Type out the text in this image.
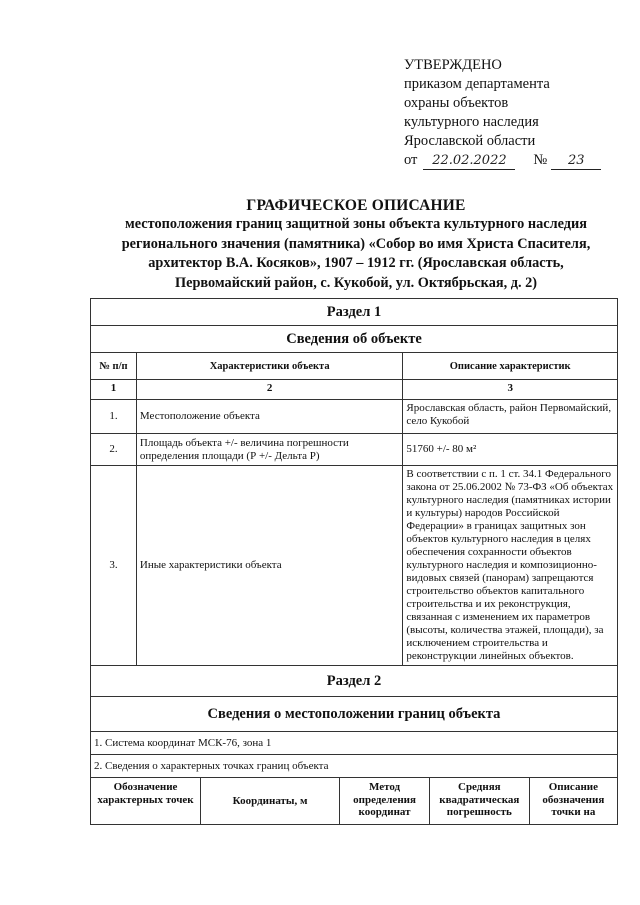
УТВЕРЖДЕНО
приказом департамента
охраны объектов
культурного наследия
Ярославской области
от	22.02.2022	№	23
ГРАФИЧЕСКОЕ ОПИСАНИЕ
местоположения границ защитной зоны объекта культурного наследия
регионального значения (памятника) «Собор во имя Христа Спасителя,
архитектор В.А. Косяков», 1907 – 1912 гг. (Ярославская область,
Первомайский район, с. Кукобой, ул. Октябрьская, д. 2)
Раздел 1
Сведения об объекте
№ п/п	Характеристики объекта	Описание характеристик
1	2	3
1.	Местоположение объекта	Ярославская область, район Первомайский, село Кукобой
2.	Площадь объекта +/- величина погрешности определения площади (Р +/- Дельта Р)	51760 +/- 80 м²
3.	Иные характеристики объекта	В соответствии с п. 1 ст. 34.1 Федерального закона от 25.06.2002 № 73-ФЗ «Об объектах культурного наследия (памятниках истории и культуры) народов Российской Федерации» в границах защитных зон объектов культурного наследия в целях обеспечения сохранности объектов культурного наследия и композиционно-видовых связей (панорам) запрещаются строительство объектов капитального строительства и их реконструкция, связанная с изменением их параметров (высоты, количества этажей, площади), за исключением строительства и реконструкции линейных объектов.
Раздел 2
Сведения о местоположении границ объекта
1. Система координат МСК-76, зона 1
2. Сведения о характерных точках границ объекта

Обозначение характерных точек	Координаты, м	Метод определения координат	Средняя квадратическая погрешность	Описание обозначения точки на
